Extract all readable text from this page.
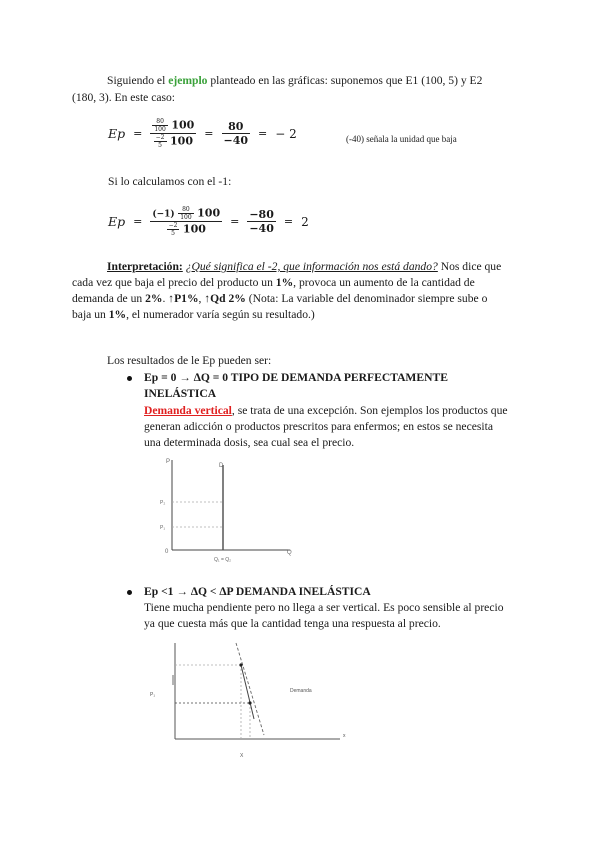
Siguiendo el ejemplo planteado en las gráficas: suponemos que E1 (100, 5) y E2
(180, 3). En este caso:
$Ep = \frac{\frac{80}{100} 100}{\frac{-2}{5} 100} = \frac{80}{-40}$ = − 2	(-40) señala la unidad que baja
Si lo calculamos con el -1:
$Ep = \frac{(-1) \frac{80}{100} 100}{\frac{-2}{5} 100} = \frac{-80}{-40} = 2$
Interpretación: ¿Qué significa el -2, que información nos está dando? Nos dice que
cada vez que baja el precio del producto un 1%, provoca un aumento de la cantidad de
demanda de un 2%. ↑P1%, ↑Qd 2% (Nota: La variable del denominador siempre sube o
baja un 1%, el numerador varía según su resultado.)
Los resultados de le Ep pueden ser:
Ep = 0 → ∆Q = 0 TIPO DE DEMANDA PERFECTAMENTE
INELÁSTICA
Demanda vertical, se trata de una excepción. Son ejemplos los productos que
generan adicción o productos prescritos para enfermos; en estos se necesita
una determinada dosis, sea cual sea el precio.
P
Q
0
D
P₂
P₁
Q₁ = Q₂
Ep <1 → ∆Q < ∆P DEMANDA INELÁSTICA
Tiene mucha pendiente pero no llega a ser vertical. Es poco sensible al precio
ya que cuesta más que la cantidad tenga una respuesta al precio.
P₁
Demanda
x
X
